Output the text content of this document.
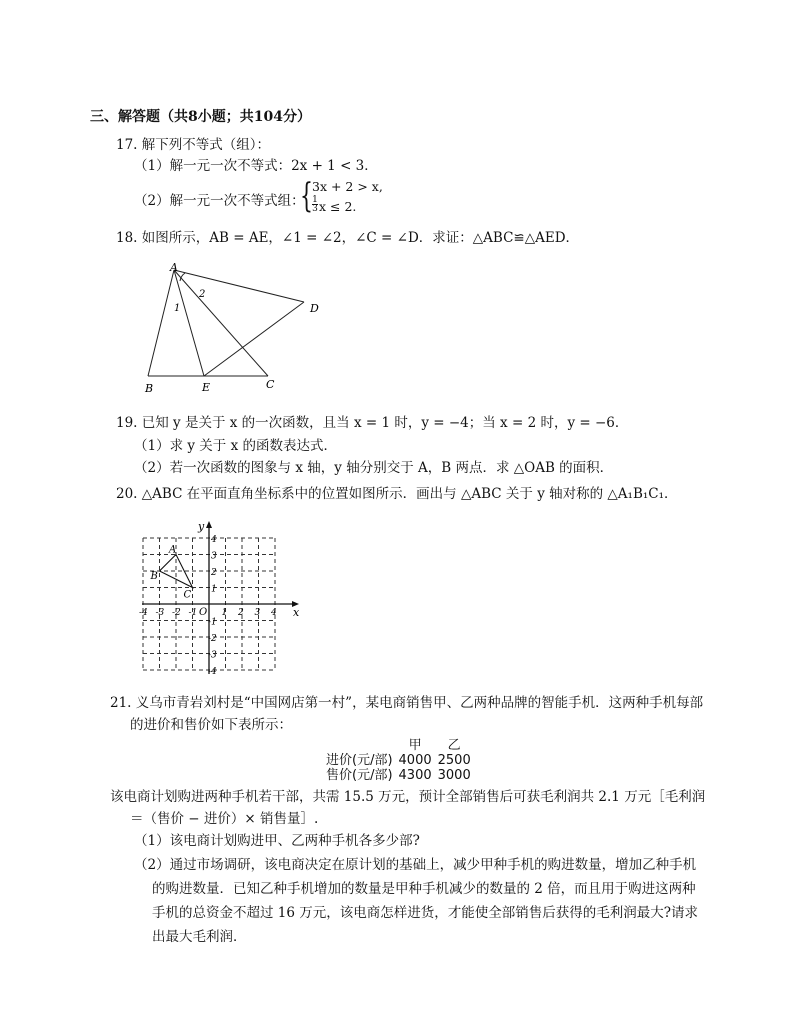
三、解答题（共8小题；共104分）
17. 解下列不等式（组）：
（1）解一元一次不等式：2x + 1 < 3．
（2）解一元一次不等式组：
{ 3x + 2 > x,
$\frac{1}{3}$ x ≤ 2.
18. 如图所示，AB = AE，∠1 = ∠2，∠C = ∠D．求证：△ABC≌△AED．
A
B	C
D
E
1
2
19. 已知 y 是关于 x 的一次函数，且当 x = 1 时，y = −4；当 x = 2 时，y = −6．
（1）求 y 关于 x 的函数表达式．
（2）若一次函数的图象与 x 轴，y 轴分别交于 A，B 两点．求 △OAB 的面积．
20. △ABC 在平面直角坐标系中的位置如图所示．画出与 △ABC 关于 y 轴对称的 △A₁B₁C₁．
x
y
O
-4 -3 -2 -1	1 2 3 4
4
3
2
1
-1
-2
-3
-4
A
B
C
21. 义乌市青岩刘村是“中国网店第一村”，某电商销售甲、乙两种品牌的智能手机．这两种手机每部
的进价和售价如下表所示：
	甲	乙
进价(元/部)	4000	2500
售价(元/部)	4300	3000
该电商计划购进两种手机若干部，共需 15.5 万元，预计全部销售后可获毛利润共 2.1 万元［毛利润
＝（售价 − 进价）× 销售量］.
（1）该电商计划购进甲、乙两种手机各多少部?
（2）通过市场调研，该电商决定在原计划的基础上，减少甲种手机的购进数量，增加乙种手机
的购进数量．已知乙种手机增加的数量是甲种手机减少的数量的 2 倍，而且用于购进这两种
手机的总资金不超过 16 万元，该电商怎样进货，才能使全部销售后获得的毛利润最大?请求
出最大毛利润．
